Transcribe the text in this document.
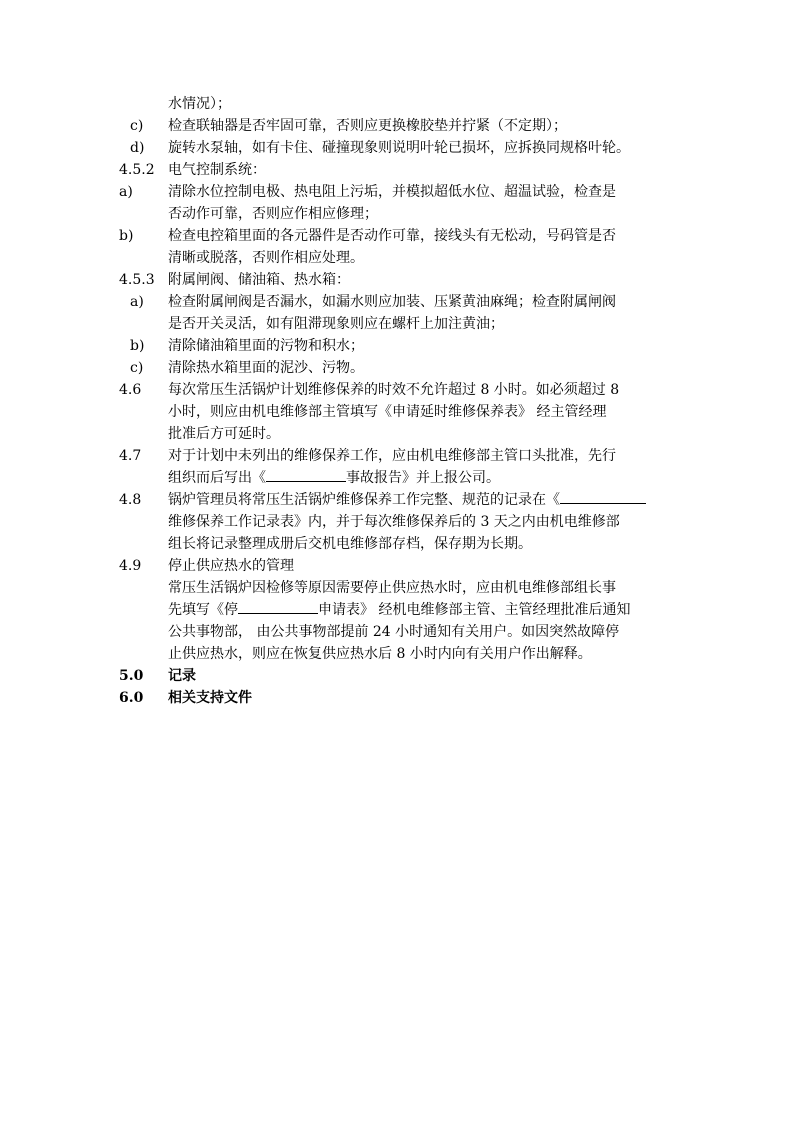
水情况）；
c) 检查联轴器是否牢固可靠，否则应更换橡胶垫并拧紧（不定期）；
d) 旋转水泵轴，如有卡住、碰撞现象则说明叶轮已损坏，应拆换同规格叶轮。
4.5.2 电气控制系统：
a)	清除水位控制电极、热电阻上污垢，并模拟超低水位、超温试验，检查是
否动作可靠，否则应作相应修理；
b) 检查电控箱里面的各元器件是否动作可靠，接线头有无松动，号码管是否
清晰或脱落，否则作相应处理。
4.5.3 附属闸阀、储油箱、热水箱：
a) 检查附属闸阀是否漏水，如漏水则应加装、压紧黄油麻绳；检查附属闸阀
是否开关灵活，如有阻滞现象则应在螺杆上加注黄油；
b) 清除储油箱里面的污物和积水；
c) 清除热水箱里面的泥沙、污物。
4.6 每次常压生活锅炉计划维修保养的时效不允许超过 8 小时。如必须超过 8
小时，则应由机电维修部主管填写《申请延时维修保养表》 经主管经理
批准后方可延时。
4.7 对于计划中未列出的维修保养工作，应由机电维修部主管口头批准，先行
组织而后写出《	事故报告》并上报公司。
4.8 锅炉管理员将常压生活锅炉维修保养工作完整、规范的记录在《
维修保养工作记录表》内，并于每次维修保养后的 3 天之内由机电维修部
组长将记录整理成册后交机电维修部存档，保存期为长期。
4.9 停止供应热水的管理
常压生活锅炉因检修等原因需要停止供应热水时，应由机电维修部组长事
先填写《停	申请表》 经机电维修部主管、主管经理批准后通知
公共事物部， 由公共事物部提前 24 小时通知有关用户。如因突然故障停
止供应热水，则应在恢复供应热水后 8 小时内向有关用户作出解释。
5.0 记录
6.0 相关支持文件
